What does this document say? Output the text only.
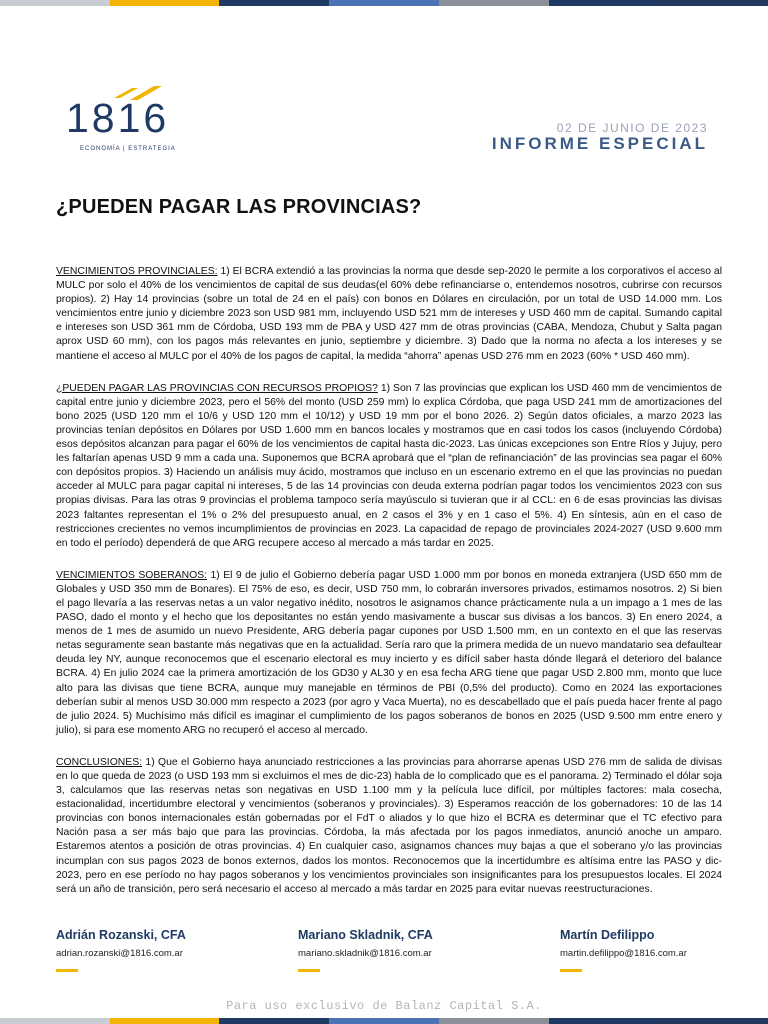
1816
ECONOMÍA | ESTRATEGIA
02 DE JUNIO DE 2023
INFORME ESPECIAL
¿PUEDEN PAGAR LAS PROVINCIAS?

VENCIMIENTOS PROVINCIALES: 1) El BCRA extendió a las provincias la norma que desde sep-2020 le permite a los corporativos el acceso al MULC por solo el 40% de los vencimientos de capital de sus deudas(el 60% debe refinanciarse o, entendemos nosotros, cubrirse con recursos propios). 2) Hay 14 provincias (sobre un total de 24 en el país) con bonos en Dólares en circulación, por un total de USD 14.000 mm. Los vencimientos entre junio y diciembre 2023 son USD 981 mm, incluyendo USD 521 mm de intereses y USD 460 mm de capital. Sumando capital e intereses son USD 361 mm de Córdoba, USD 193 mm de PBA y USD 427 mm de otras provincias (CABA, Mendoza, Chubut y Salta pagan aprox USD 60 mm), con los pagos más relevantes en junio, septiembre y diciembre. 3) Dado que la norma no afecta a los intereses y se mantiene el acceso al MULC por el 40% de los pagos de capital, la medida “ahorra” apenas USD 276 mm en 2023 (60% * USD 460 mm).

¿PUEDEN PAGAR LAS PROVINCIAS CON RECURSOS PROPIOS? 1) Son 7 las provincias que explican los USD 460 mm de vencimientos de capital entre junio y diciembre 2023, pero el 56% del monto (USD 259 mm) lo explica Córdoba, que paga USD 241 mm de amortizaciones del bono 2025 (USD 120 mm el 10/6 y USD 120 mm el 10/12) y USD 19 mm por el bono 2026. 2) Según datos oficiales, a marzo 2023 las provincias tenían depósitos en Dólares por USD 1.600 mm en bancos locales y mostramos que en casi todos los casos (incluyendo Córdoba) esos depósitos alcanzan para pagar el 60% de los vencimientos de capital hasta dic-2023. Las únicas excepciones son Entre Ríos y Jujuy, pero les faltarían apenas USD 9 mm a cada una. Suponemos que BCRA aprobará que el “plan de refinanciación” de las provincias sea pagar el 60% con depósitos propios. 3) Haciendo un análisis muy ácido, mostramos que incluso en un escenario extremo en el que las provincias no puedan acceder al MULC para pagar capital ni intereses, 5 de las 14 provincias con deuda externa podrían pagar todos los vencimientos 2023 con sus propias divisas. Para las otras 9 provincias el problema tampoco sería mayúsculo si tuvieran que ir al CCL: en 6 de esas provincias las divisas 2023 faltantes representan el 1% o 2% del presupuesto anual, en 2 casos el 3% y en 1 caso el 5%. 4) En síntesis, aún en el caso de restricciones crecientes no vemos incumplimientos de provincias en 2023. La capacidad de repago de provinciales 2024-2027 (USD 9.600 mm en todo el período) dependerá de que ARG recupere acceso al mercado a más tardar en 2025.

VENCIMIENTOS SOBERANOS: 1) El 9 de julio el Gobierno debería pagar USD 1.000 mm por bonos en moneda extranjera (USD 650 mm de Globales y USD 350 mm de Bonares). El 75% de eso, es decir, USD 750 mm, lo cobrarán inversores privados, estimamos nosotros. 2) Si bien el pago llevaría a las reservas netas a un valor negativo inédito, nosotros le asignamos chance prácticamente nula a un impago a 1 mes de las PASO, dado el monto y el hecho que los depositantes no están yendo masivamente a buscar sus divisas a los bancos. 3) En enero 2024, a menos de 1 mes de asumido un nuevo Presidente, ARG debería pagar cupones por USD 1.500 mm, en un contexto en el que las reservas netas seguramente sean bastante más negativas que en la actualidad. Sería raro que la primera medida de un nuevo mandatario sea defaultear deuda ley NY, aunque reconocemos que el escenario electoral es muy incierto y es difícil saber hasta dónde llegará el deterioro del balance BCRA. 4) En julio 2024 cae la primera amortización de los GD30 y AL30 y en esa fecha ARG tiene que pagar USD 2.800 mm, monto que luce alto para las divisas que tiene BCRA, aunque muy manejable en términos de PBI (0,5% del producto). Como en 2024 las exportaciones deberían subir al menos USD 30.000 mm respecto a 2023 (por agro y Vaca Muerta), no es descabellado que el país pueda hacer frente al pago de julio 2024. 5) Muchísimo más difícil es imaginar el cumplimiento de los pagos soberanos de bonos en 2025 (USD 9.500 mm entre enero y julio), si para ese momento ARG no recuperó el acceso al mercado.

CONCLUSIONES: 1) Que el Gobierno haya anunciado restricciones a las provincias para ahorrarse apenas USD 276 mm de salida de divisas en lo que queda de 2023 (o USD 193 mm si excluimos el mes de dic-23) habla de lo complicado que es el panorama. 2) Terminado el dólar soja 3, calculamos que las reservas netas son negativas en USD 1.100 mm y la película luce difícil, por múltiples factores: mala cosecha, estacionalidad, incertidumbre electoral y vencimientos (soberanos y provinciales). 3) Esperamos reacción de los gobernadores: 10 de las 14 provincias con bonos internacionales están gobernadas por el FdT o aliados y lo que hizo el BCRA es determinar que el TC efectivo para Nación pasa a ser más bajo que para las provincias. Córdoba, la más afectada por los pagos inmediatos, anunció anoche un amparo. Estaremos atentos a posición de otras provincias. 4) En cualquier caso, asignamos chances muy bajas a que el soberano y/o las provincias incumplan con sus pagos 2023 de bonos externos, dados los montos. Reconocemos que la incertidumbre es altísima entre las PASO y dic-2023, pero en ese período no hay pagos soberanos y los vencimientos provinciales son insignificantes para los presupuestos locales. El 2024 será un año de transición, pero será necesario el acceso al mercado a más tardar en 2025 para evitar nuevas reestructuraciones.

Adrián Rozanski, CFA
adrian.rozanski@1816.com.ar
Mariano Skladnik, CFA
mariano.skladnik@1816.com.ar
Martín Defilippo
martin.defilippo@1816.com.ar
Para uso exclusivo de Balanz Capital S.A.
